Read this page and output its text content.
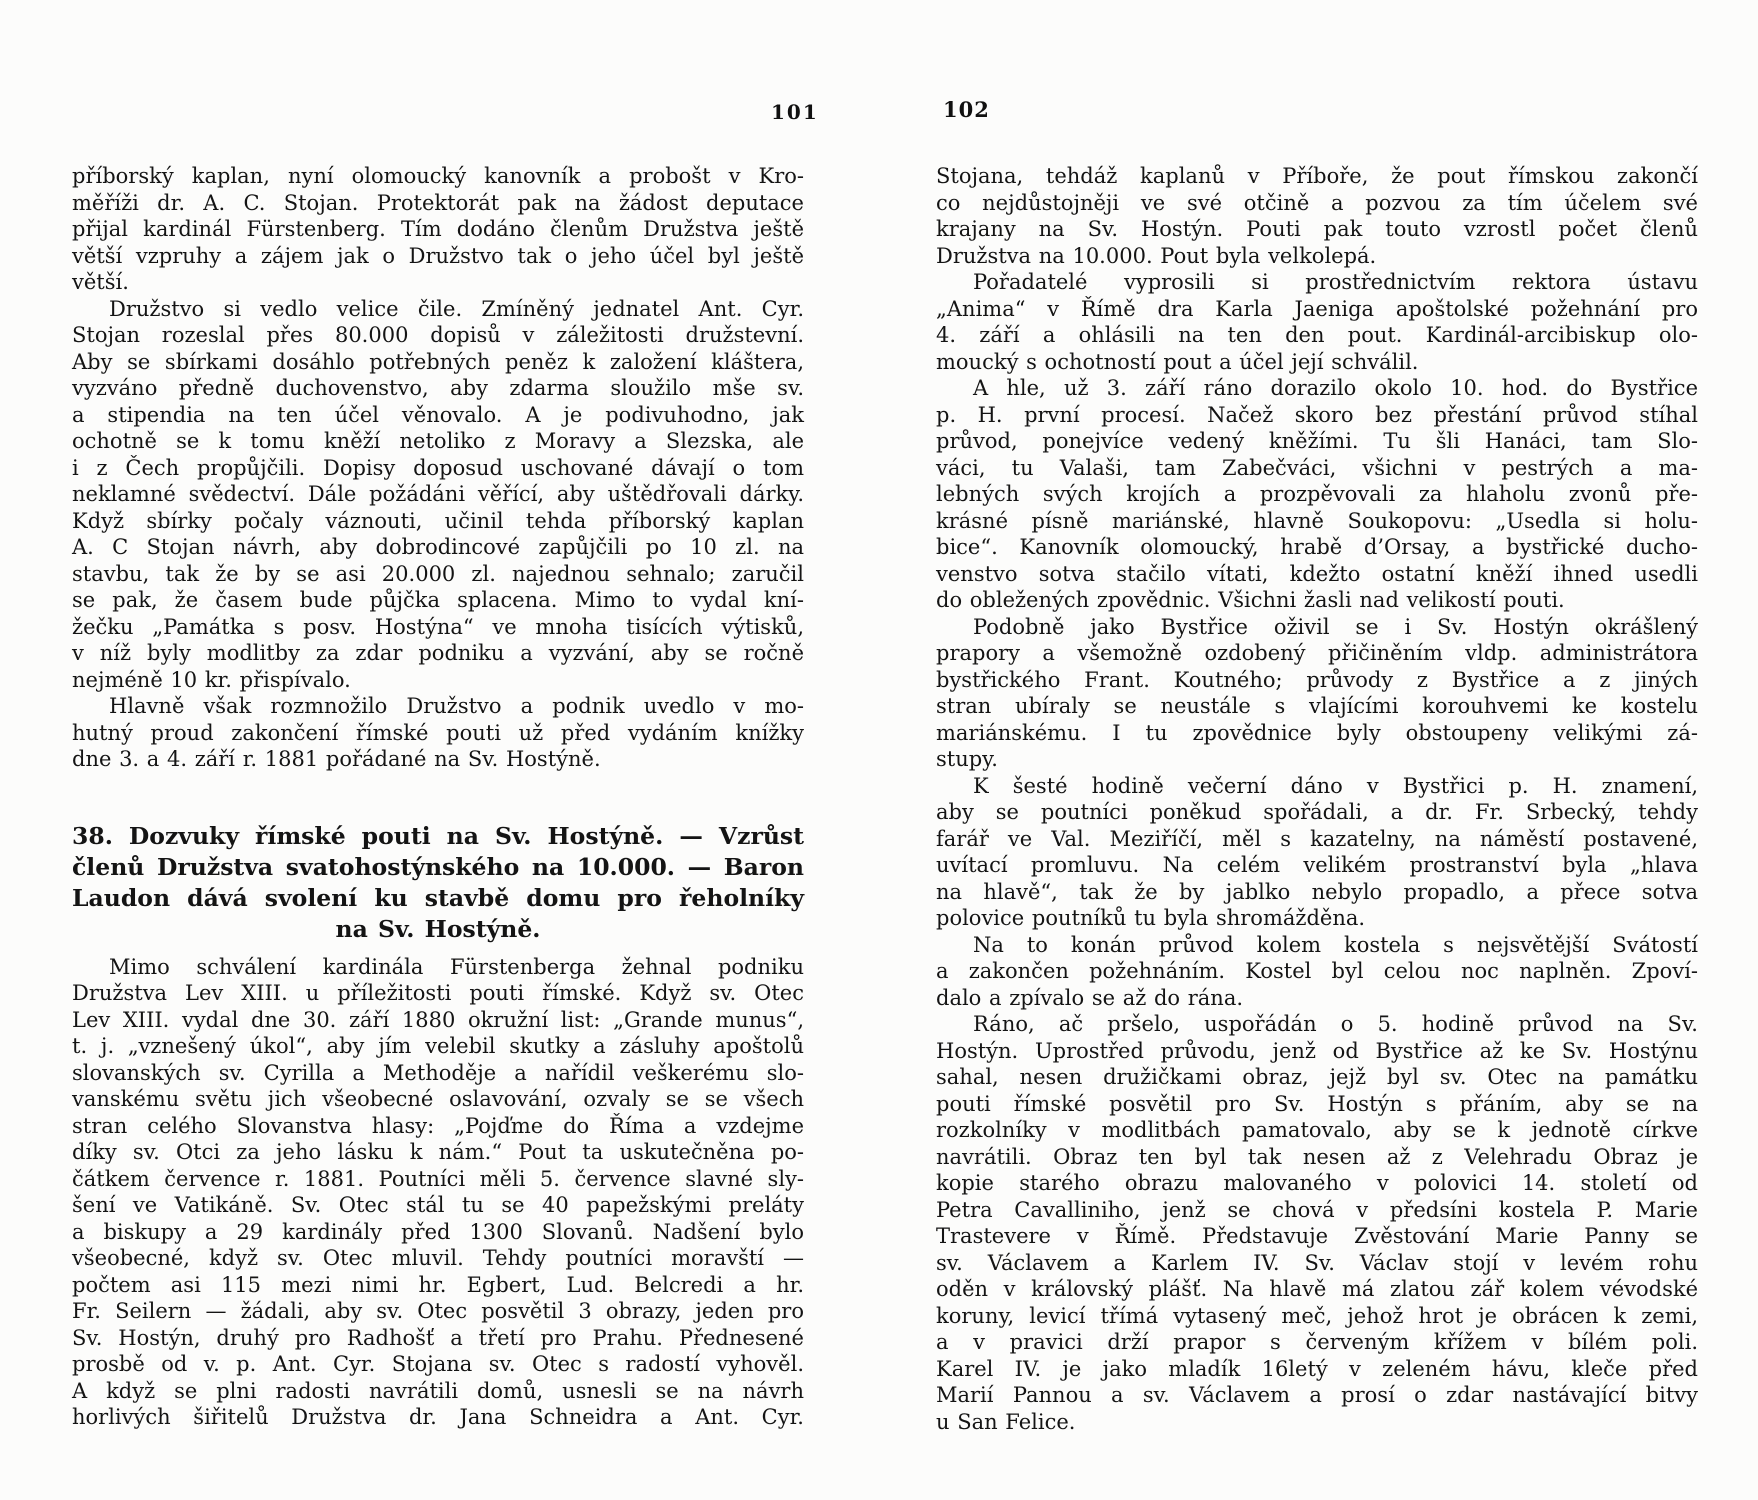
101	102
příborský kaplan, nyní olomoucký kanovník a probošt v Kro-
měříži dr. A. C. Stojan. Protektorát pak na žádost deputace
přijal kardinál Fürstenberg. Tím dodáno členům Družstva ještě
větší vzpruhy a zájem jak o Družstvo tak o jeho účel byl ještě
větší.
Družstvo si vedlo velice čile. Zmíněný jednatel Ant. Cyr.
Stojan rozeslal přes 80.000 dopisů v záležitosti družstevní.
Aby se sbírkami dosáhlo potřebných peněz k založení kláštera,
vyzváno předně duchovenstvo, aby zdarma sloužilo mše sv.
a stipendia na ten účel věnovalo. A je podivuhodno, jak
ochotně se k tomu kněží netoliko z Moravy a Slezska, ale
i z Čech propůjčili. Dopisy doposud uschované dávají o tom
neklamné svědectví. Dále požádáni věřící, aby uštědřovali dárky.
Když sbírky počaly váznouti, učinil tehda příborský kaplan
A. C Stojan návrh, aby dobrodincové zapůjčili po 10 zl. na
stavbu, tak že by se asi 20.000 zl. najednou sehnalo; zaručil
se pak, že časem bude půjčka splacena. Mimo to vydal kní-
žečku „Památka s posv. Hostýna“ ve mnoha tisících výtisků,
v níž byly modlitby za zdar podniku a vyzvání, aby se ročně
nejméně 10 kr. přispívalo.
Hlavně však rozmnožilo Družstvo a podnik uvedlo v mo-
hutný proud zakončení římské pouti už před vydáním knížky
dne 3. a 4. září r. 1881 pořádané na Sv. Hostýně.
38. Dozvuky římské pouti na Sv. Hostýně. — Vzrůst
členů Družstva svatohostýnského na 10.000. — Baron
Laudon dává svolení ku stavbě domu pro řeholníky
na Sv. Hostýně.
Mimo schválení kardinála Fürstenberga žehnal podniku
Družstva Lev XIII. u příležitosti pouti římské. Když sv. Otec
Lev XIII. vydal dne 30. září 1880 okružní list: „Grande munus“,
t. j. „vznešený úkol“, aby jím velebil skutky a zásluhy apoštolů
slovanských sv. Cyrilla a Methoděje a nařídil veškerému slo-
vanskému světu jich všeobecné oslavování, ozvaly se se všech
stran celého Slovanstva hlasy: „Pojďme do Říma a vzdejme
díky sv. Otci za jeho lásku k nám.“ Pout ta uskutečněna po-
čátkem července r. 1881. Poutníci měli 5. července slavné sly-
šení ve Vatikáně. Sv. Otec stál tu se 40 papežskými preláty
a biskupy a 29 kardinály před 1300 Slovanů. Nadšení bylo
všeobecné, když sv. Otec mluvil. Tehdy poutníci moravští —
počtem asi 115 mezi nimi hr. Egbert, Lud. Belcredi a hr.
Fr. Seilern — žádali, aby sv. Otec posvětil 3 obrazy, jeden pro
Sv. Hostýn, druhý pro Radhošť a třetí pro Prahu. Přednesené
prosbě od v. p. Ant. Cyr. Stojana sv. Otec s radostí vyhověl.
A když se plni radosti navrátili domů, usnesli se na návrh
horlivých šiřitelů Družstva dr. Jana Schneidra a Ant. Cyr.
Stojana, tehdáž kaplanů v Příboře, že pout římskou zakončí
co nejdůstojněji ve své otčině a pozvou za tím účelem své
krajany na Sv. Hostýn. Pouti pak touto vzrostl počet členů
Družstva na 10.000. Pout byla velkolepá.
Pořadatelé vyprosili si prostřednictvím rektora ústavu
„Anima“ v Římě dra Karla Jaeniga apoštolské požehnání pro
4. září a ohlásili na ten den pout. Kardinál-arcibiskup olo-
moucký s ochotností pout a účel její schválil.
A hle, už 3. září ráno dorazilo okolo 10. hod. do Bystřice
p. H. první procesí. Načež skoro bez přestání průvod stíhal
průvod, ponejvíce vedený kněžími. Tu šli Hanáci, tam Slo-
váci, tu Valaši, tam Zabečváci, všichni v pestrých a ma-
lebných svých krojích a prozpěvovali za hlaholu zvonů pře-
krásné písně mariánské, hlavně Soukopovu: „Usedla si holu-
bice“. Kanovník olomoucký, hrabě d’Orsay, a bystřické ducho-
venstvo sotva stačilo vítati, kdežto ostatní kněží ihned usedli
do obležených zpovědnic. Všichni žasli nad velikostí pouti.
Podobně jako Bystřice oživil se i Sv. Hostýn okrášlený
prapory a všemožně ozdobený přičiněním vldp. administrátora
bystřického Frant. Koutného; průvody z Bystřice a z jiných
stran ubíraly se neustále s vlajícími korouhvemi ke kostelu
mariánskému. I tu zpovědnice byly obstoupeny velikými zá-
stupy.
K šesté hodině večerní dáno v Bystřici p. H. znamení,
aby se poutníci poněkud spořádali, a dr. Fr. Srbecký, tehdy
farář ve Val. Meziříčí, měl s kazatelny, na náměstí postavené,
uvítací promluvu. Na celém velikém prostranství byla „hlava
na hlavě“, tak že by jablko nebylo propadlo, a přece sotva
polovice poutníků tu byla shromážděna.
Na to konán průvod kolem kostela s nejsvětější Svátostí
a zakončen požehnáním. Kostel byl celou noc naplněn. Zpoví-
dalo a zpívalo se až do rána.
Ráno, ač pršelo, uspořádán o 5. hodině průvod na Sv.
Hostýn. Uprostřed průvodu, jenž od Bystřice až ke Sv. Hostýnu
sahal, nesen družičkami obraz, jejž byl sv. Otec na památku
pouti římské posvětil pro Sv. Hostýn s přáním, aby se na
rozkolníky v modlitbách pamatovalo, aby se k jednotě církve
navrátili. Obraz ten byl tak nesen až z Velehradu Obraz je
kopie starého obrazu malovaného v polovici 14. století od
Petra Cavalliniho, jenž se chová v předsíni kostela P. Marie
Trastevere v Římě. Představuje Zvěstování Marie Panny se
sv. Václavem a Karlem IV. Sv. Václav stojí v levém rohu
oděn v královský plášť. Na hlavě má zlatou zář kolem vévodské
koruny, levicí třímá vytasený meč, jehož hrot je obrácen k zemi,
a v pravici drží prapor s červeným křížem v bílém poli.
Karel IV. je jako mladík 16letý v zeleném hávu, kleče před
Marií Pannou a sv. Václavem a prosí o zdar nastávající bitvy
u San Felice.
